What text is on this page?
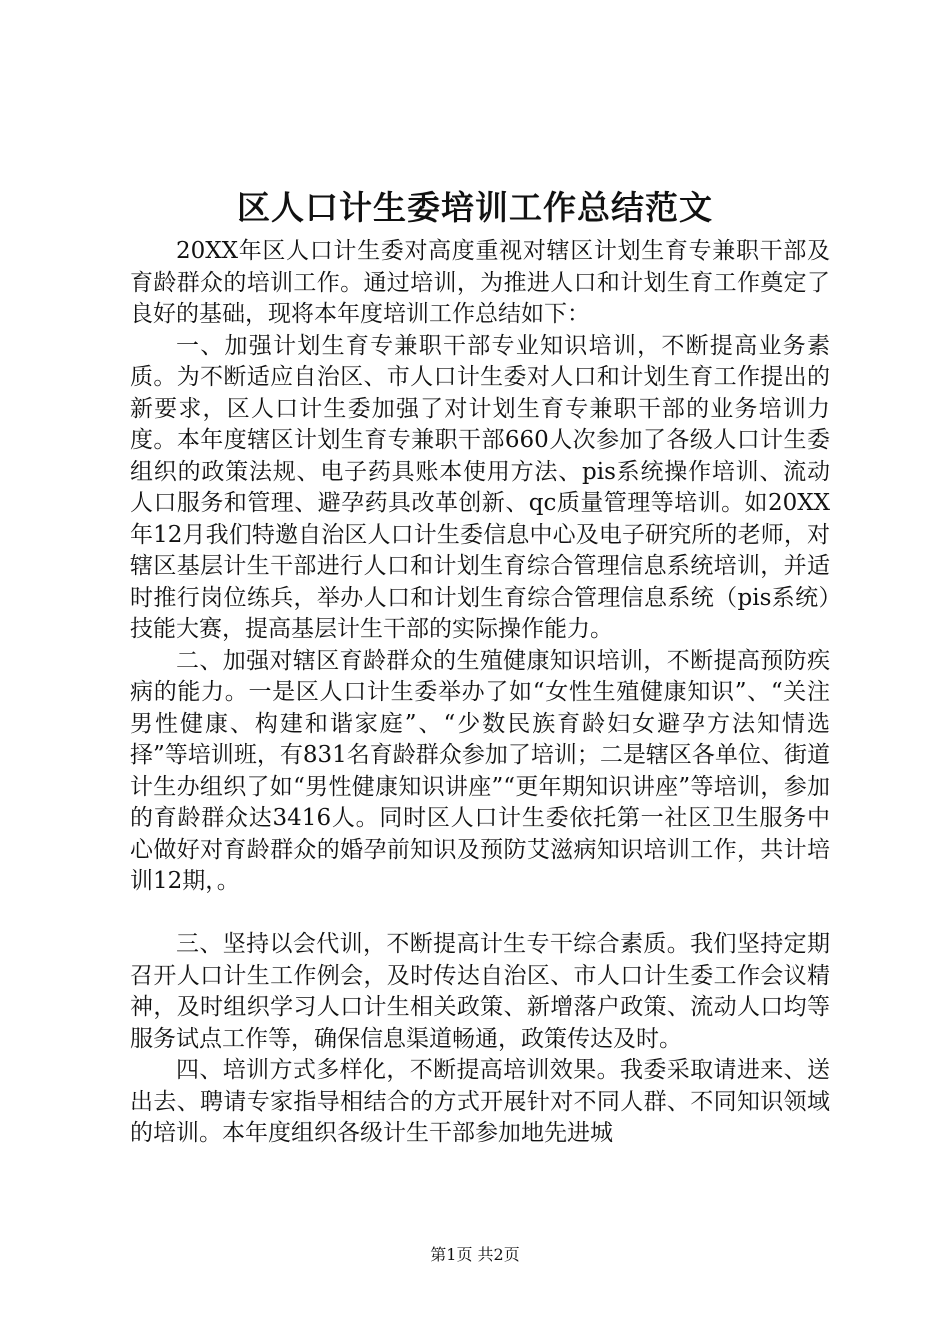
区人口计生委培训工作总结范文

20XX年区人口计生委对高度重视对辖区计划生育专兼职干部及育龄群众的培训工作。通过培训，为推进人口和计划生育工作奠定了良好的基础，现将本年度培训工作总结如下：

一、加强计划生育专兼职干部专业知识培训，不断提高业务素质。为不断适应自治区、市人口计生委对人口和计划生育工作提出的新要求，区人口计生委加强了对计划生育专兼职干部的业务培训力度。本年度辖区计划生育专兼职干部660人次参加了各级人口计生委组织的政策法规、电子药具账本使用方法、pis系统操作培训、流动人口服务和管理、避孕药具改革创新、qc质量管理等培训。如20XX年12月我们特邀自治区人口计生委信息中心及电子研究所的老师，对辖区基层计生干部进行人口和计划生育综合管理信息系统培训，并适时推行岗位练兵，举办人口和计划生育综合管理信息系统（pis系统）技能大赛，提高基层计生干部的实际操作能力。

二、加强对辖区育龄群众的生殖健康知识培训，不断提高预防疾病的能力。一是区人口计生委举办了如“女性生殖健康知识”、“关注男性健康、构建和谐家庭”、“少数民族育龄妇女避孕方法知情选择”等培训班，有831名育龄群众参加了培训；二是辖区各单位、街道计生办组织了如“男性健康知识讲座”“更年期知识讲座”等培训，参加的育龄群众达3416人。同时区人口计生委依托第一社区卫生服务中心做好对育龄群众的婚孕前知识及预防艾滋病知识培训工作，共计培训12期，。

三、坚持以会代训，不断提高计生专干综合素质。我们坚持定期召开人口计生工作例会，及时传达自治区、市人口计生委工作会议精神，及时组织学习人口计生相关政策、新增落户政策、流动人口均等服务试点工作等，确保信息渠道畅通，政策传达及时。

四、培训方式多样化，不断提高培训效果。我委采取请进来、送出去、聘请专家指导相结合的方式开展针对不同人群、不同知识领域的培训。本年度组织各级计生干部参加地先进城

第1页 共2页
